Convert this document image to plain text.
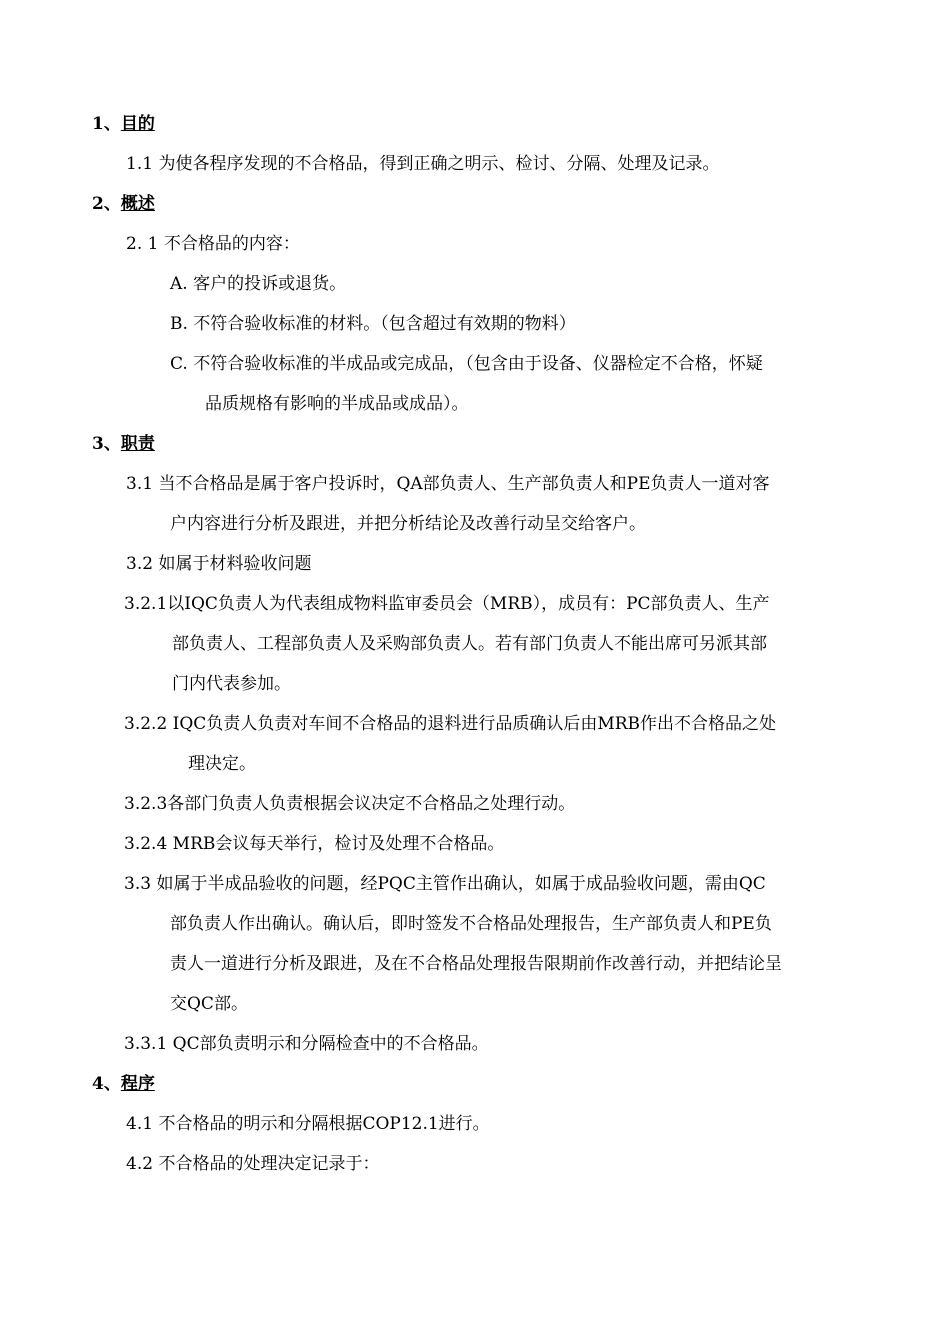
1、目的
1.1 为使各程序发现的不合格品，得到正确之明示、检讨、分隔、处理及记录。
2、概述
2. 1 不合格品的内容：
A. 客户的投诉或退货。
B. 不符合验收标准的材料。（包含超过有效期的物料）
C. 不符合验收标准的半成品或完成品，（包含由于设备、仪器检定不合格，怀疑
品质规格有影响的半成品或成品）。
3、职责
3.1 当不合格品是属于客户投诉时，QA部负责人、生产部负责人和PE负责人一道对客
户内容进行分析及跟进，并把分析结论及改善行动呈交给客户。
3.2 如属于材料验收问题
3.2.1以IQC负责人为代表组成物料监审委员会（MRB），成员有：PC部负责人、生产
部负责人、工程部负责人及采购部负责人。若有部门负责人不能出席可另派其部
门内代表参加。
3.2.2 IQC负责人负责对车间不合格品的退料进行品质确认后由MRB作出不合格品之处
理决定。
3.2.3各部门负责人负责根据会议决定不合格品之处理行动。
3.2.4 MRB会议每天举行，检讨及处理不合格品。
3.3 如属于半成品验收的问题，经PQC主管作出确认，如属于成品验收问题，需由QC
部负责人作出确认。确认后，即时签发不合格品处理报告，生产部负责人和PE负
责人一道进行分析及跟进，及在不合格品处理报告限期前作改善行动，并把结论呈
交QC部。
3.3.1 QC部负责明示和分隔检查中的不合格品。
4、程序
4.1 不合格品的明示和分隔根据COP12.1进行。
4.2 不合格品的处理决定记录于：
